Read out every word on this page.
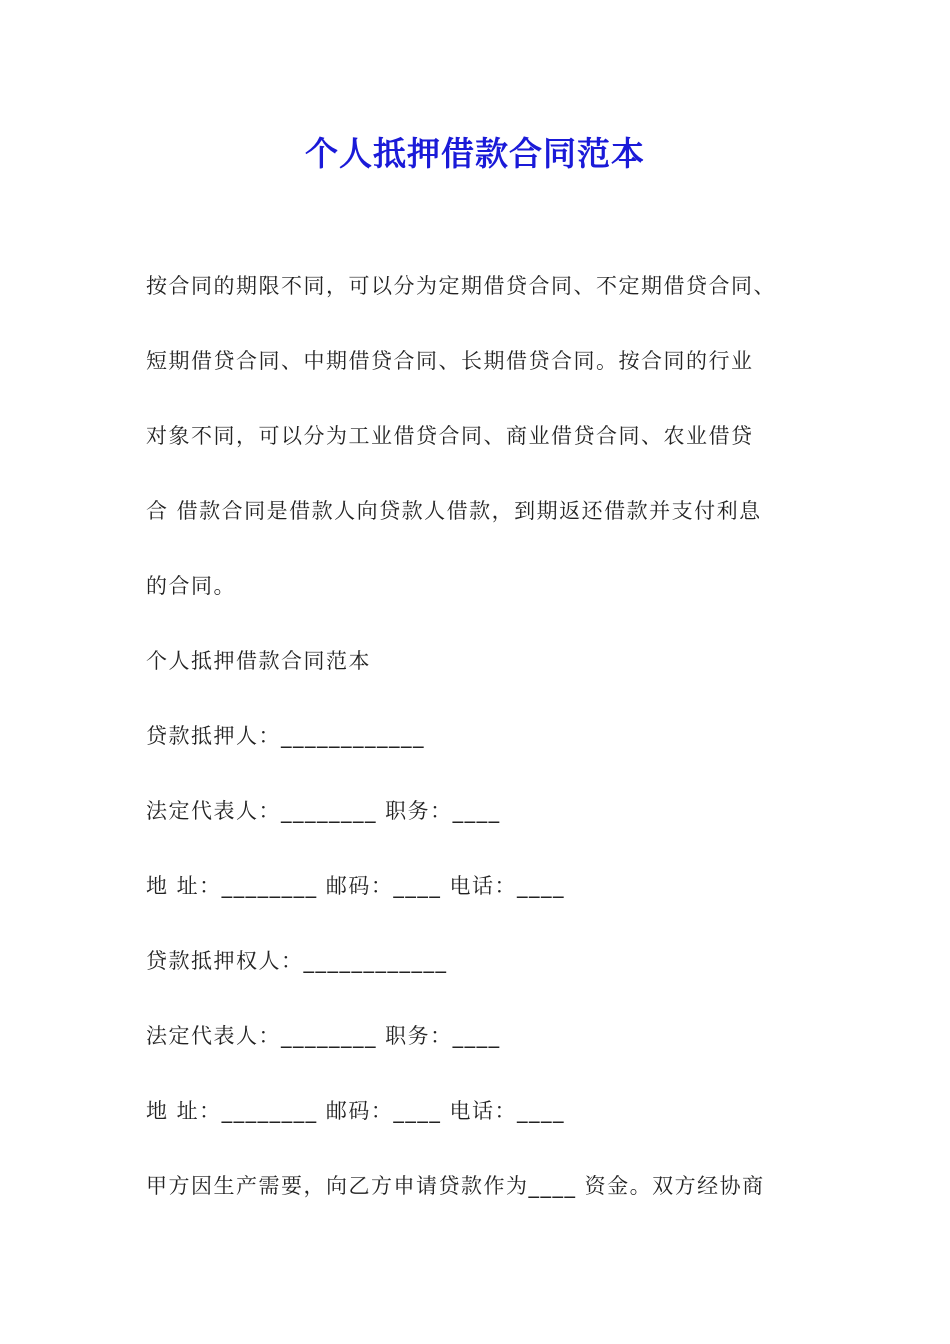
个人抵押借款合同范本
按合同的期限不同，可以分为定期借贷合同、不定期借贷合同、
短期借贷合同、中期借贷合同、长期借贷合同。按合同的行业
对象不同，可以分为工业借贷合同、商业借贷合同、农业借贷
合 借款合同是借款人向贷款人借款，到期返还借款并支付利息
的合同。
个人抵押借款合同范本
贷款抵押人：____________
法定代表人：________ 职务：____
地 址：________ 邮码：____ 电话：____
贷款抵押权人：____________
法定代表人：________ 职务：____
地 址：________ 邮码：____ 电话：____
甲方因生产需要，向乙方申请贷款作为____ 资金。双方经协商
